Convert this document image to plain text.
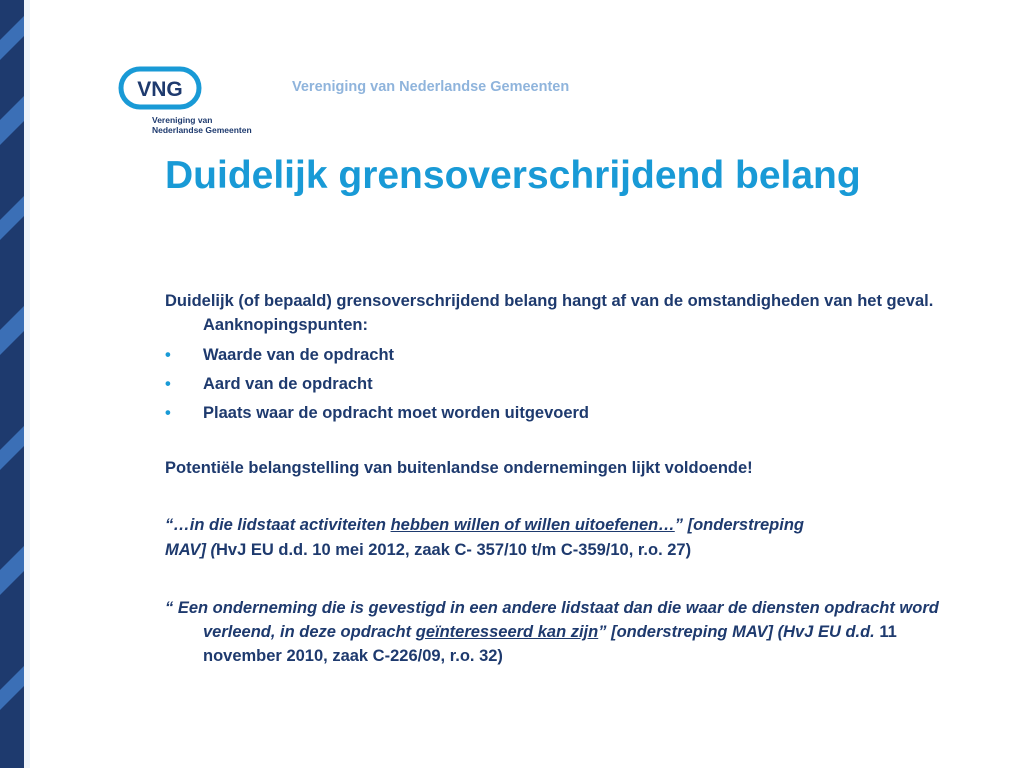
VNG
Vereniging van
Nederlandse Gemeenten
Vereniging van Nederlandse Gemeenten
Duidelijk grensoverschrijdend belang

Duidelijk (of bepaald) grensoverschrijdend belang hangt af van de omstandigheden van het geval. Aanknopingspunten:

• Waarde van de opdracht
• Aard van de opdracht
• Plaats waar de opdracht moet worden uitgevoerd

Potentiële belangstelling van buitenlandse ondernemingen lijkt voldoende!

“…in die lidstaat activiteiten hebben willen of willen uitoefenen…” [onderstreping
MAV] (HvJ EU d.d. 10 mei 2012, zaak C- 357/10 t/m C-359/10, r.o. 27)

“ Een onderneming die is gevestigd in een andere lidstaat dan die waar de diensten opdracht word verleend, in deze opdracht geïnteresseerd kan zijn” [onderstreping MAV] (HvJ EU d.d. 11 november 2010, zaak C-226/09, r.o. 32)
